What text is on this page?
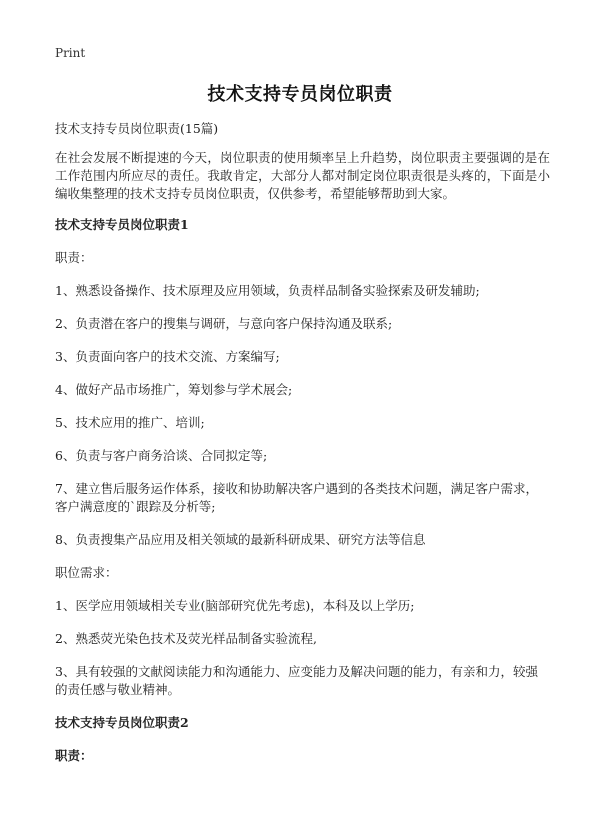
Print
技术支持专员岗位职责

技术支持专员岗位职责(15篇)

在社会发展不断提速的今天，岗位职责的使用频率呈上升趋势，岗位职责主要强调的是在工作范围内所应尽的责任。我敢肯定，大部分人都对制定岗位职责很是头疼的，下面是小编收集整理的技术支持专员岗位职责，仅供参考，希望能够帮助到大家。

技术支持专员岗位职责1

职责：

1、熟悉设备操作、技术原理及应用领域，负责样品制备实验探索及研发辅助;

2、负责潜在客户的搜集与调研，与意向客户保持沟通及联系;

3、负责面向客户的技术交流、方案编写;

4、做好产品市场推广，筹划参与学术展会;

5、技术应用的推广、培训;

6、负责与客户商务洽谈、合同拟定等;

7、建立售后服务运作体系，接收和协助解决客户遇到的各类技术问题，满足客户需求，客户满意度的`跟踪及分析等;

8、负责搜集产品应用及相关领域的最新科研成果、研究方法等信息

职位需求：

1、医学应用领域相关专业(脑部研究优先考虑)，本科及以上学历;

2、熟悉荧光染色技术及荧光样品制备实验流程,

3、具有较强的文献阅读能力和沟通能力、应变能力及解决问题的能力，有亲和力，较强的责任感与敬业精神。

技术支持专员岗位职责2

职责：
